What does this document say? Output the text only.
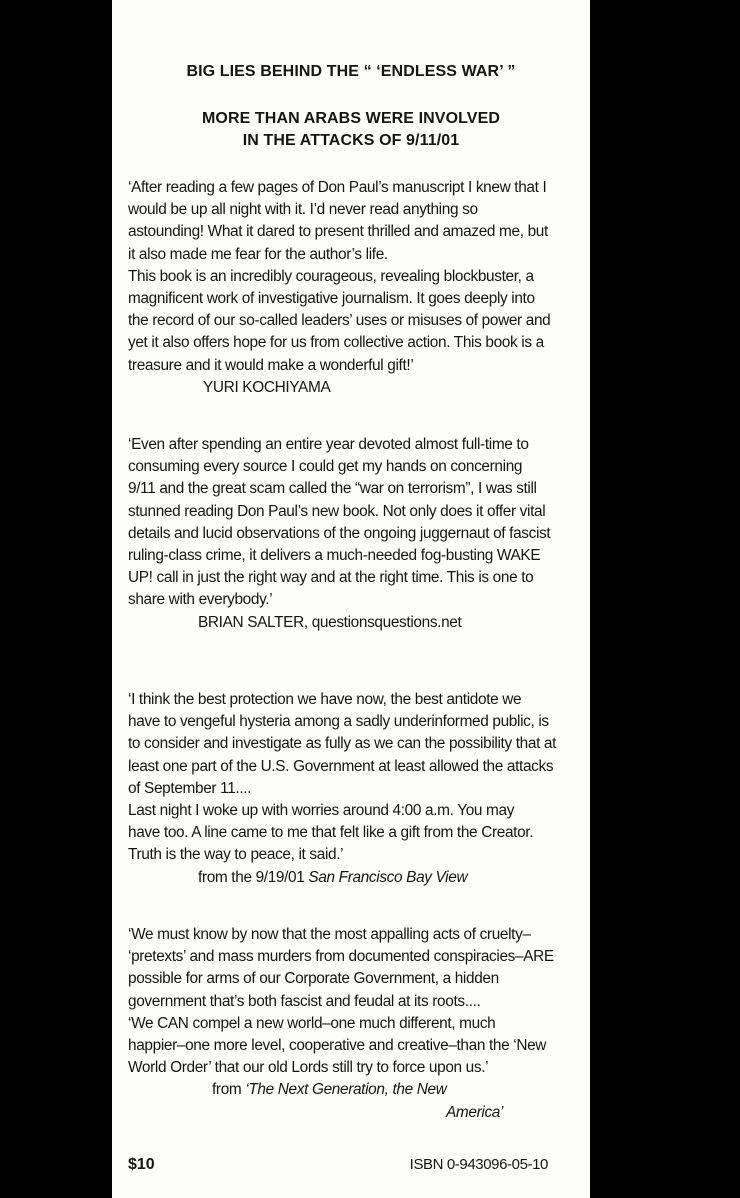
BIG LIES BEHIND THE “ ‘ENDLESS WAR’ ”
MORE THAN ARABS WERE INVOLVED
IN THE ATTACKS OF 9/11/01
‘After reading a few pages of Don Paul’s manuscript I knew that I
would be up all night with it. I’d never read anything so
astounding! What it dared to present thrilled and amazed me, but
it also made me fear for the author’s life.
This book is an incredibly courageous, revealing blockbuster, a
magnificent work of investigative journalism. It goes deeply into
the record of our so-called leaders’ uses or misuses of power and
yet it also offers hope for us from collective action. This book is a
treasure and it would make a wonderful gift!’
YURI KOCHIYAMA
‘Even after spending an entire year devoted almost full-time to
consuming every source I could get my hands on concerning
9/11 and the great scam called the “war on terrorism”, I was still
stunned reading Don Paul’s new book. Not only does it offer vital
details and lucid observations of the ongoing juggernaut of fascist
ruling-class crime, it delivers a much-needed fog-busting WAKE
UP! call in just the right way and at the right time. This is one to
share with everybody.’
BRIAN SALTER, questionsquestions.net
‘I think the best protection we have now, the best antidote we
have to vengeful hysteria among a sadly underinformed public, is
to consider and investigate as fully as we can the possibility that at
least one part of the U.S. Government at least allowed the attacks
of September 11....
Last night I woke up with worries around 4:00 a.m. You may
have too. A line came to me that felt like a gift from the Creator.
Truth is the way to peace, it said.’
from the 9/19/01 San Francisco Bay View
‘We must know by now that the most appalling acts of cruelty–
‘pretexts’ and mass murders from documented conspiracies–ARE
possible for arms of our Corporate Government, a hidden
government that’s both fascist and feudal at its roots....
‘We CAN compel a new world–one much different, much
happier–one more level, cooperative and creative–than the ‘New
World Order’ that our old Lords still try to force upon us.’
from ‘The Next Generation, the New
America’
$10	ISBN 0-943096-05-10
